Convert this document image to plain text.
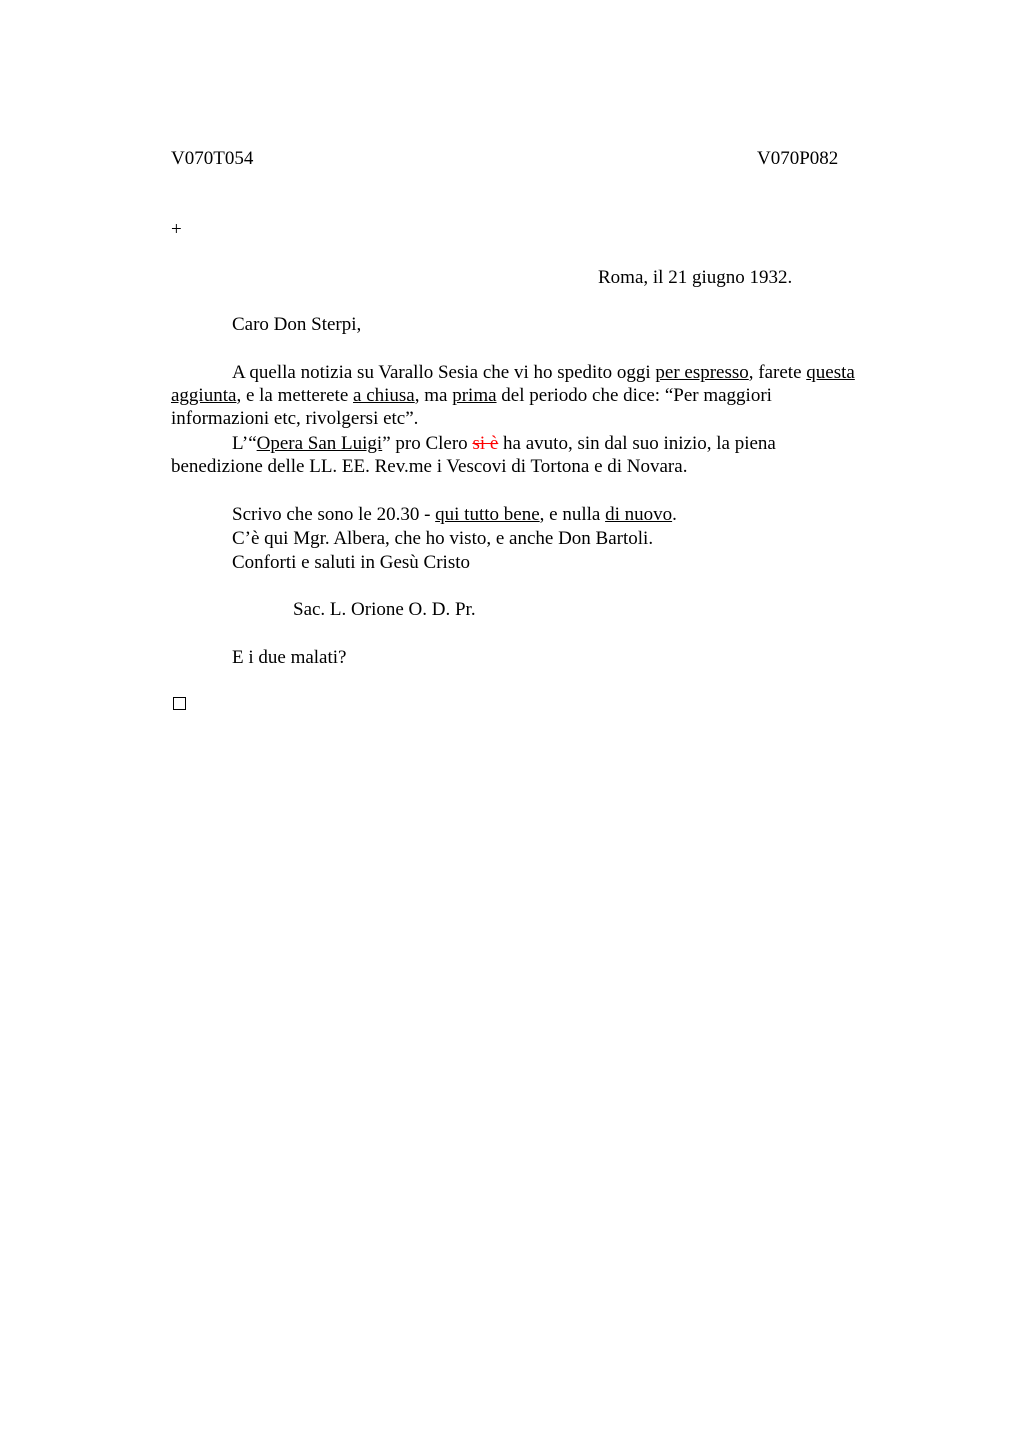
V070T054	V070P082
+
Roma, il 21 giugno 1932.
Caro Don Sterpi,
A quella notizia su Varallo Sesia che vi ho spedito oggi per espresso, farete questa
aggiunta, e la metterete a chiusa, ma prima del periodo che dice: “Per maggiori
informazioni etc, rivolgersi etc”.
L’“Opera San Luigi” pro Clero si è ha avuto, sin dal suo inizio, la piena
benedizione delle LL. EE. Rev.me i Vescovi di Tortona e di Novara.
Scrivo che sono le 20.30 - qui tutto bene, e nulla di nuovo.
C’è qui Mgr. Albera, che ho visto, e anche Don Bartoli.
Conforti e saluti in Gesù Cristo
Sac. L. Orione O. D. Pr.
E i due malati?
